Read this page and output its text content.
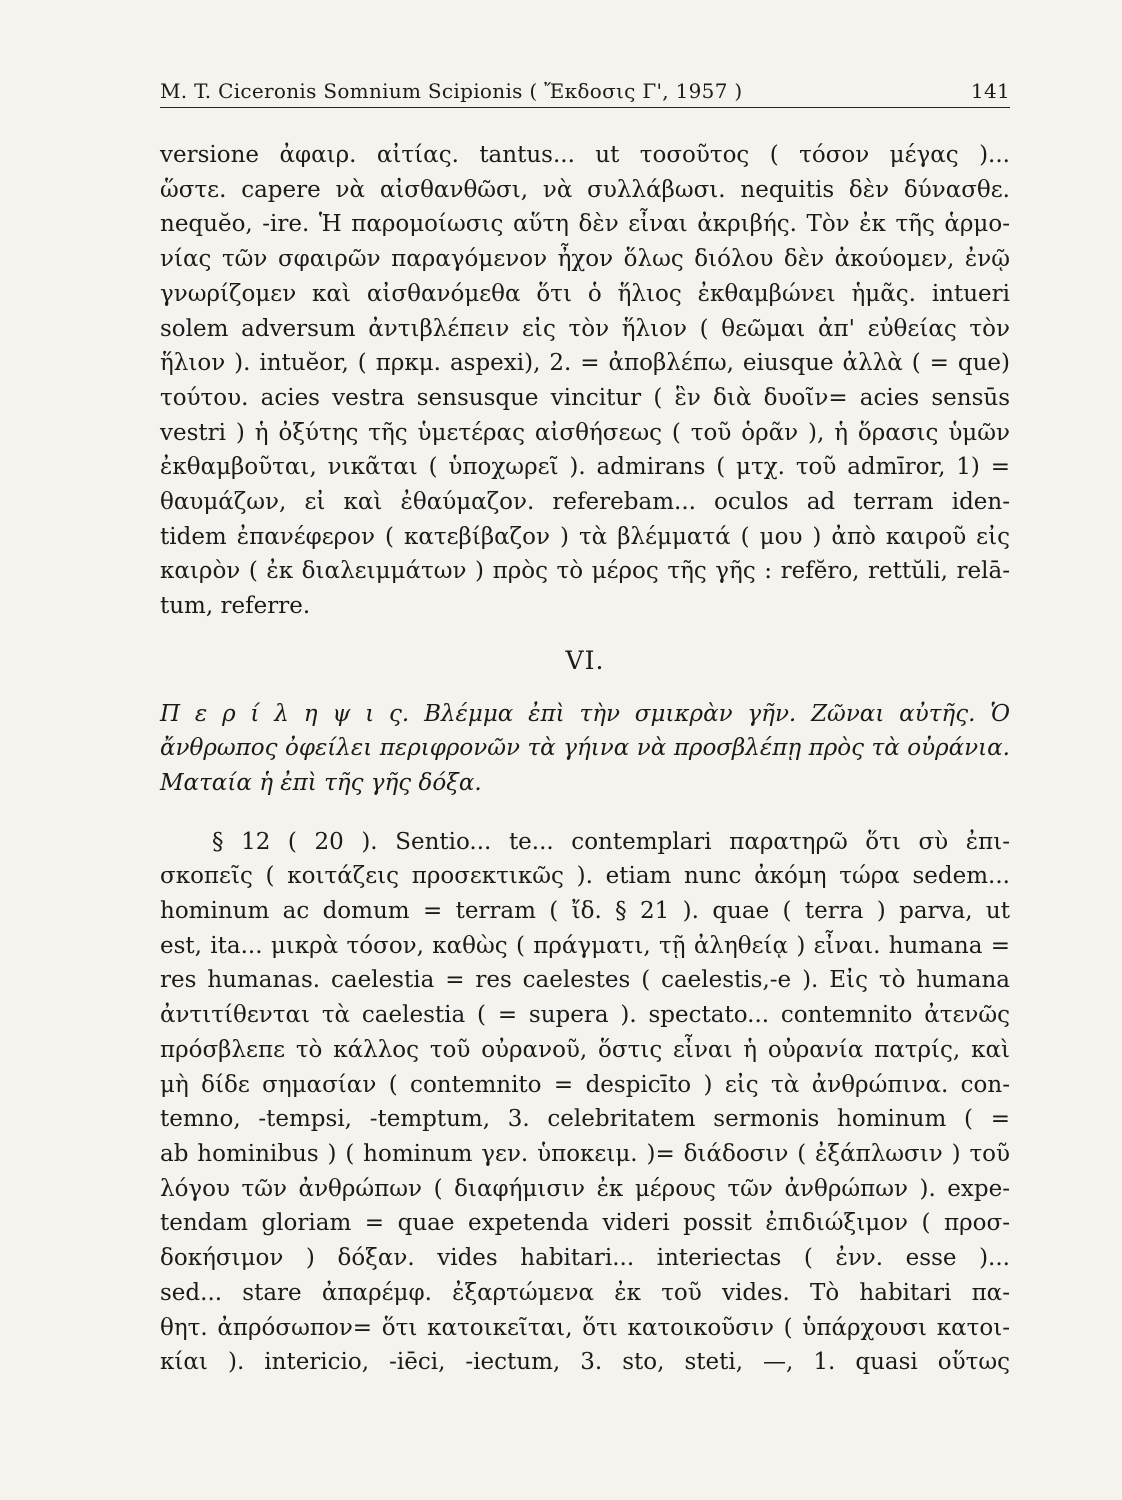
M. T. Ciceronis Somnium Scipionis ( Ἔκδοσις Γ', 1957 )	141
versione ἀφαιρ. αἰτίας. tantus... ut τοσοῦτος ( τόσον μέγας )...
ὥστε. capere νὰ αἰσθανθῶσι, νὰ συλλάβωσι. nequitis δὲν δύνασθε.
nequĕo, -ire. Ἡ παρομοίωσις αὕτη δὲν εἶναι ἀκριβής. Τὸν ἐκ τῆς ἁρμο-
νίας τῶν σφαιρῶν παραγόμενον ἦχον ὅλως διόλου δὲν ἀκούομεν, ἐνῷ
γνωρίζομεν καὶ αἰσθανόμεθα ὅτι ὁ ἥλιος ἐκθαμβώνει ἡμᾶς. intueri
solem adversum ἀντιβλέπειν εἰς τὸν ἥλιον ( θεῶμαι ἀπ' εὐθείας τὸν
ἥλιον ). intuĕor, ( πρκμ. aspexi), 2. = ἀποβλέπω, eiusque ἀλλὰ ( = que)
τούτου. acies vestra sensusque vincitur ( ἓν διὰ δυοῖν= acies sensūs
vestri ) ἡ ὀξύτης τῆς ὑμετέρας αἰσθήσεως ( τοῦ ὁρᾶν ), ἡ ὅρασις ὑμῶν
ἐκθαμβοῦται, νικᾶται ( ὑποχωρεῖ ). admirans ( μτχ. τοῦ admīror, 1) =
θαυμάζων, εἰ καὶ ἐθαύμαζον. referebam... oculos ad terram iden-
tidem ἐπανέφερον ( κατεβίβαζον ) τὰ βλέμματά ( μου ) ἀπὸ καιροῦ εἰς
καιρὸν ( ἐκ διαλειμμάτων ) πρὸς τὸ μέρος τῆς γῆς : refĕro, rettŭli, relā-
tum, referre.
VI.
Π ε ρ ί λ η ψ ι ς. Βλέμμα ἐπὶ τὴν σμικρὰν γῆν. Ζῶναι αὐτῆς. Ὁ
ἄνθρωπος ὀφείλει περιφρονῶν τὰ γήινα νὰ προσβλέπῃ πρὸς τὰ οὐράνια.
Ματαία ἡ ἐπὶ τῆς γῆς δόξα.
§ 12 ( 20 ). Sentio... te... contemplari παρατηρῶ ὅτι σὺ ἐπι-
σκοπεῖς ( κοιτάζεις προσεκτικῶς ). etiam nunc ἀκόμη τώρα sedem...
hominum ac domum = terram ( ἴδ. § 21 ). quae ( terra ) parva, ut
est, ita... μικρὰ τόσον, καθὼς ( πράγματι, τῇ ἀληθείᾳ ) εἶναι. humana =
res humanas. caelestia = res caelestes ( caelestis,-e ). Εἰς τὸ humana
ἀντιτίθενται τὰ caelestia ( = supera ). spectato... contemnito ἀτενῶς
πρόσβλεπε τὸ κάλλος τοῦ οὐρανοῦ, ὅστις εἶναι ἡ οὐρανία πατρίς, καὶ
μὴ δίδε σημασίαν ( contemnito = despicīto ) εἰς τὰ ἀνθρώπινα. con-
temno, -tempsi, -temptum, 3. celebritatem sermonis hominum ( =
ab hominibus ) ( hominum γεν. ὑποκειμ. )= διάδοσιν ( ἐξάπλωσιν ) τοῦ
λόγου τῶν ἀνθρώπων ( διαφήμισιν ἐκ μέρους τῶν ἀνθρώπων ). expe-
tendam gloriam = quae expetenda videri possit ἐπιδιώξιμον ( προσ-
δοκήσιμον ) δόξαν. vides habitari... interiectas ( ἐνν. esse )...
sed... stare ἀπαρέμφ. ἐξαρτώμενα ἐκ τοῦ vides. Τὸ habitari πα-
θητ. ἀπρόσωπον= ὅτι κατοικεῖται, ὅτι κατοικοῦσιν ( ὑπάρχουσι κατοι-
κίαι ). intericio, -iēci, -iectum, 3. sto, steti, —, 1. quasi οὕτως
